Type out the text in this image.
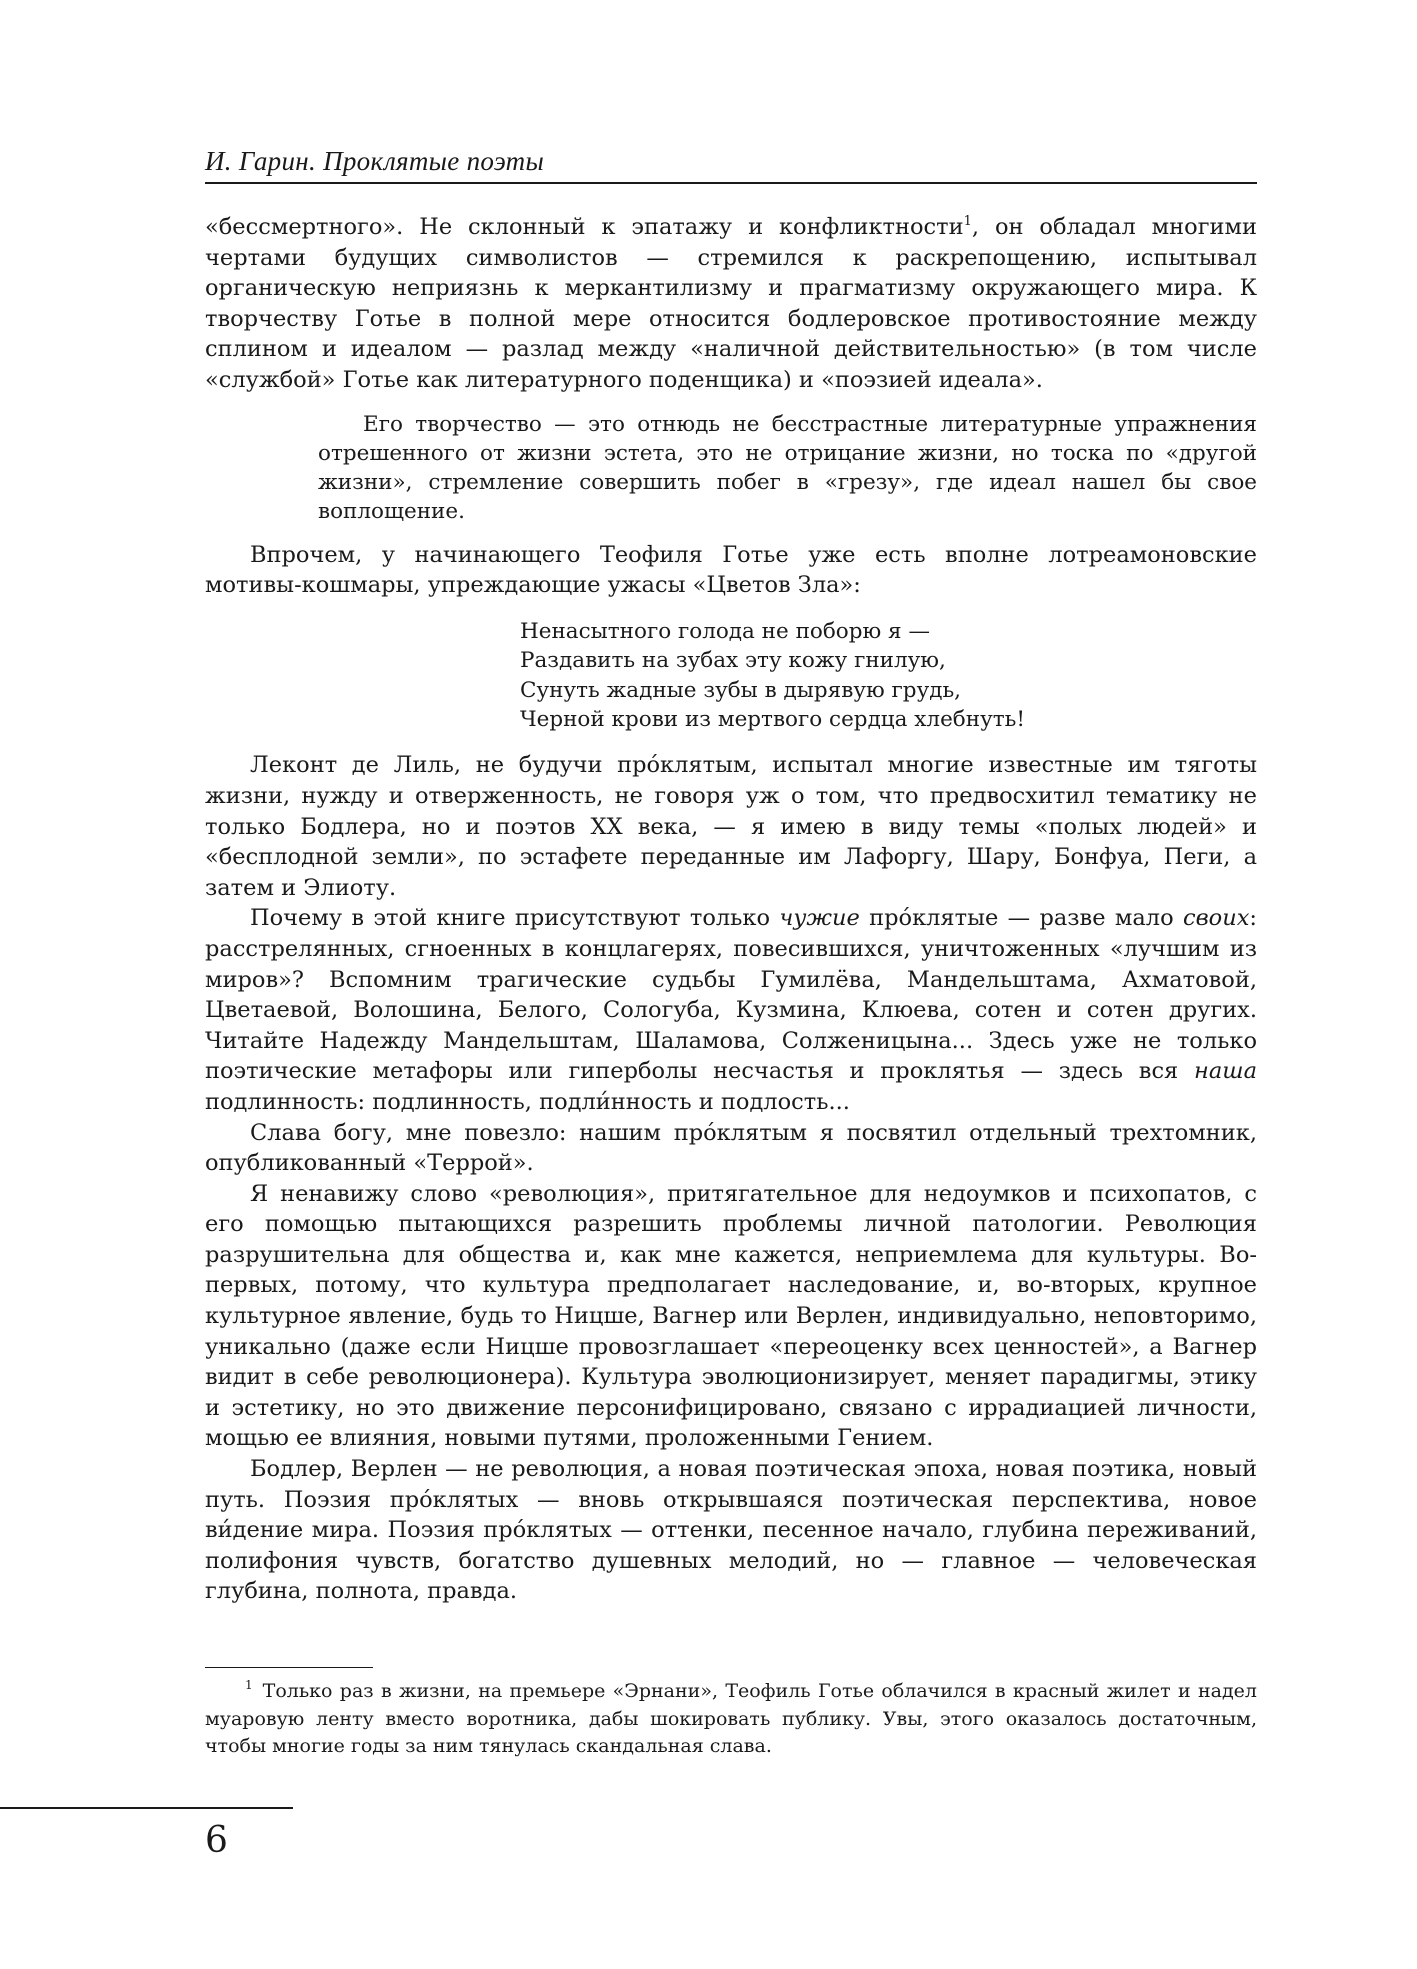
И. Гарин. Проклятые поэты

«бессмертного». Не склонный к эпатажу и конфликтности$^1$, он обладал многими чертами будущих символистов — стремился к раскрепощению, испытывал органическую неприязнь к меркантилизму и прагматизму окружающего мира. К творчеству Готье в полной мере относится бодлеровское противостояние между сплином и идеалом — разлад между «наличной действительностью» (в том числе «службой» Готье как литературного поденщика) и «поэзией идеала».

Его творчество — это отнюдь не бесстрастные литературные упражнения отрешенного от жизни эстета, это не отрицание жизни, но тоска по «другой жизни», стремление совершить побег в «грезу», где идеал нашел бы свое воплощение.

Впрочем, у начинающего Теофиля Готье уже есть вполне лотреамоновские мотивы-кошмары, упреждающие ужасы «Цветов Зла»:

Ненасытного голода не поборю я —
Раздавить на зубах эту кожу гнилую,
Сунуть жадные зубы в дырявую грудь,
Черной крови из мертвого сердца хлебнуть!

Леконт де Лиль, не будучи прóклятым, испытал многие известные им тяготы жизни, нужду и отверженность, не говоря уж о том, что предвосхитил тематику не только Бодлера, но и поэтов XX века, — я имею в виду темы «полых людей» и «бесплодной земли», по эстафете переданные им Лафоргу, Шару, Бонфуа, Пеги, а затем и Элиоту.

Почему в этой книге присутствуют только чужие прóклятые — разве мало своих: расстрелянных, сгноенных в концлагерях, повесившихся, уничтоженных «лучшим из миров»? Вспомним трагические судьбы Гумилёва, Мандельштама, Ахматовой, Цветаевой, Волошина, Белого, Сологуба, Кузмина, Клюева, сотен и сотен других. Читайте Надежду Мандельштам, Шаламова, Солженицына... Здесь уже не только поэтические метафоры или гиперболы несчастья и проклятья — здесь вся наша подлинность: подлинность, подли́нность и подлость...

Слава богу, мне повезло: нашим прóклятым я посвятил отдельный трехтомник, опубликованный «Террой».

Я ненавижу слово «революция», притягательное для недоумков и психопатов, с его помощью пытающихся разрешить проблемы личной патологии. Революция разрушительна для общества и, как мне кажется, неприемлема для культуры. Во-первых, потому, что культура предполагает наследование, и, во-вторых, крупное культурное явление, будь то Ницше, Вагнер или Верлен, индивидуально, неповторимо, уникально (даже если Ницше провозглашает «переоценку всех ценностей», а Вагнер видит в себе революционера). Культура эволюционизирует, меняет парадигмы, этику и эстетику, но это движение персонифицировано, связано с иррадиацией личности, мощью ее влияния, новыми путями, проложенными Гением.

Бодлер, Верлен — не революция, а новая поэтическая эпоха, новая поэтика, новый путь. Поэзия прóклятых — вновь открывшаяся поэтическая перспектива, новое ви́дение мира. Поэзия прóклятых — оттенки, песенное начало, глубина переживаний, полифония чувств, богатство душевных мелодий, но — главное — человеческая глубина, полнота, правда.

$^1$ Только раз в жизни, на премьере «Эрнани», Теофиль Готье облачился в красный жилет и надел муаровую ленту вместо воротника, дабы шокировать публику. Увы, этого оказалось достаточным, чтобы многие годы за ним тянулась скандальная слава.

6
